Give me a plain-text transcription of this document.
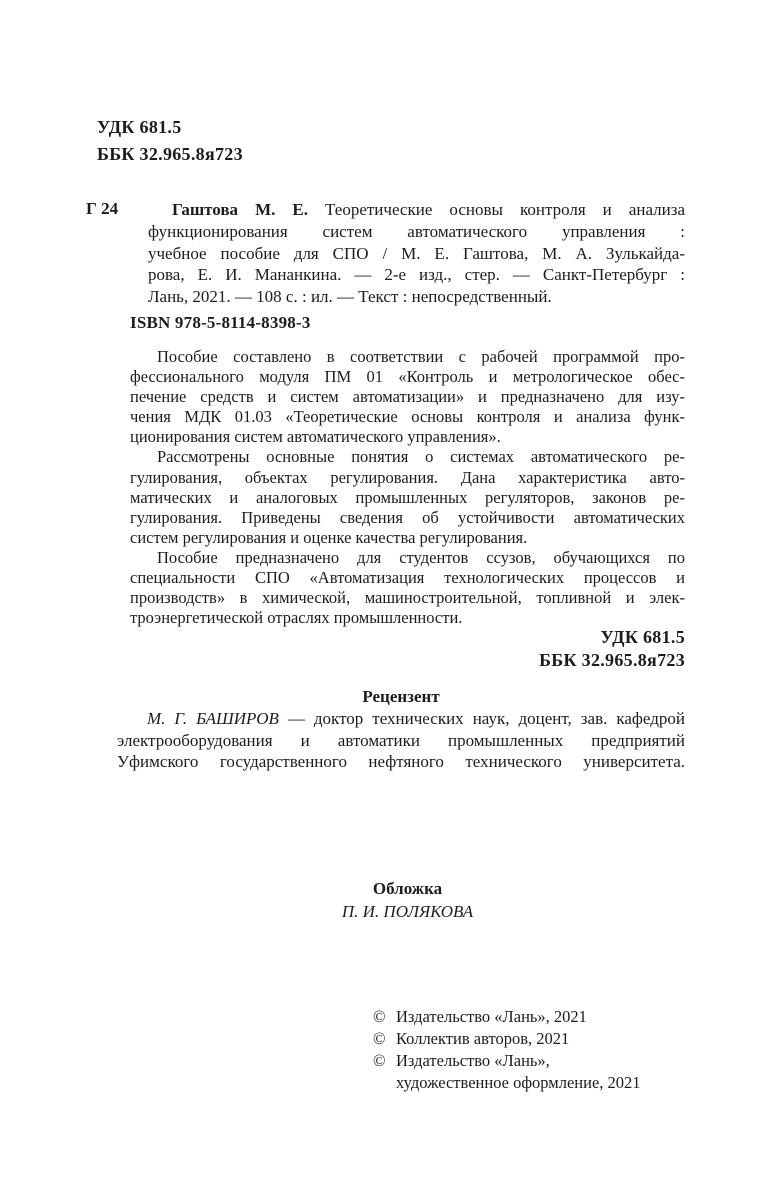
УДК 681.5
ББК 32.965.8я723
Г 24	Гаштова М. Е. Теоретические основы контроля и анализа
функционирования систем автоматического управления :
учебное пособие для СПО / М. Е. Гаштова, М. А. Зулькайда-
рова, Е. И. Мананкина. — 2-е изд., стер. — Санкт-Петербург :
Лань, 2021. — 108 с. : ил. — Текст : непосредственный.
ISBN 978-5-8114-8398-3
Пособие составлено в соответствии с рабочей программой про-
фессионального модуля ПМ 01 «Контроль и метрологическое обес-
печение средств и систем автоматизации» и предназначено для изу-
чения МДК 01.03 «Теоретические основы контроля и анализа функ-
ционирования систем автоматического управления».
Рассмотрены основные понятия о системах автоматического ре-
гулирования, объектах регулирования. Дана характеристика авто-
матических и аналоговых промышленных регуляторов, законов ре-
гулирования. Приведены сведения об устойчивости автоматических
систем регулирования и оценке качества регулирования.
Пособие предназначено для студентов ссузов, обучающихся по
специальности СПО «Автоматизация технологических процессов и
производств» в химической, машиностроительной, топливной и элек-
троэнергетической отраслях промышленности.
УДК 681.5
ББК 32.965.8я723
Рецензент
М. Г. БАШИРОВ — доктор технических наук, доцент, зав. кафедрой
электрооборудования и автоматики промышленных предприятий
Уфимского государственного нефтяного технического университета.
Обложка
П. И. ПОЛЯКОВА
© Издательство «Лань», 2021
© Коллектив авторов, 2021
© Издательство «Лань»,
художественное оформление, 2021
